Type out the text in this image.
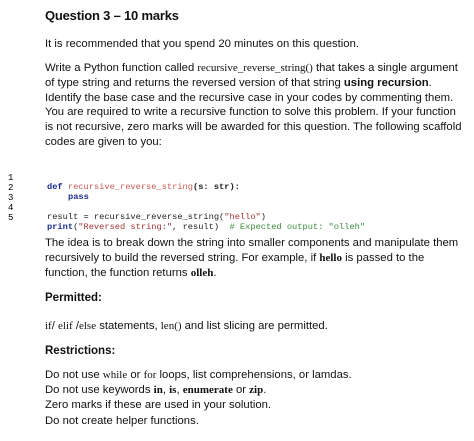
Question 3 – 10 marks
It is recommended that you spend 20 minutes on this question.
Write a Python function called recursive_reverse_string() that takes a single argument of type string and returns the reversed version of that string using recursion. Identify the base case and the recursive case in your codes by commenting them. You are required to write a recursive function to solve this problem. If your function is not recursive, zero marks will be awarded for this question. The following scaffold codes are given to you:

1

def recursive_reverse_string(s: str):

2

pass

3

4

result = recursive_reverse_string("hello")

5

print("Reversed string:", result) # Expected output: "olleh"

The idea is to break down the string into smaller components and manipulate them recursively to build the reversed string. For example, if hello is passed to the function, the function returns olleh.
Permitted:
if/ elif /else statements, len() and list slicing are permitted.
Restrictions:
Do not use while or for loops, list comprehensions, or lamdas.
Do not use keywords in, is, enumerate or zip.
Zero marks if these are used in your solution.
Do not create helper functions.
